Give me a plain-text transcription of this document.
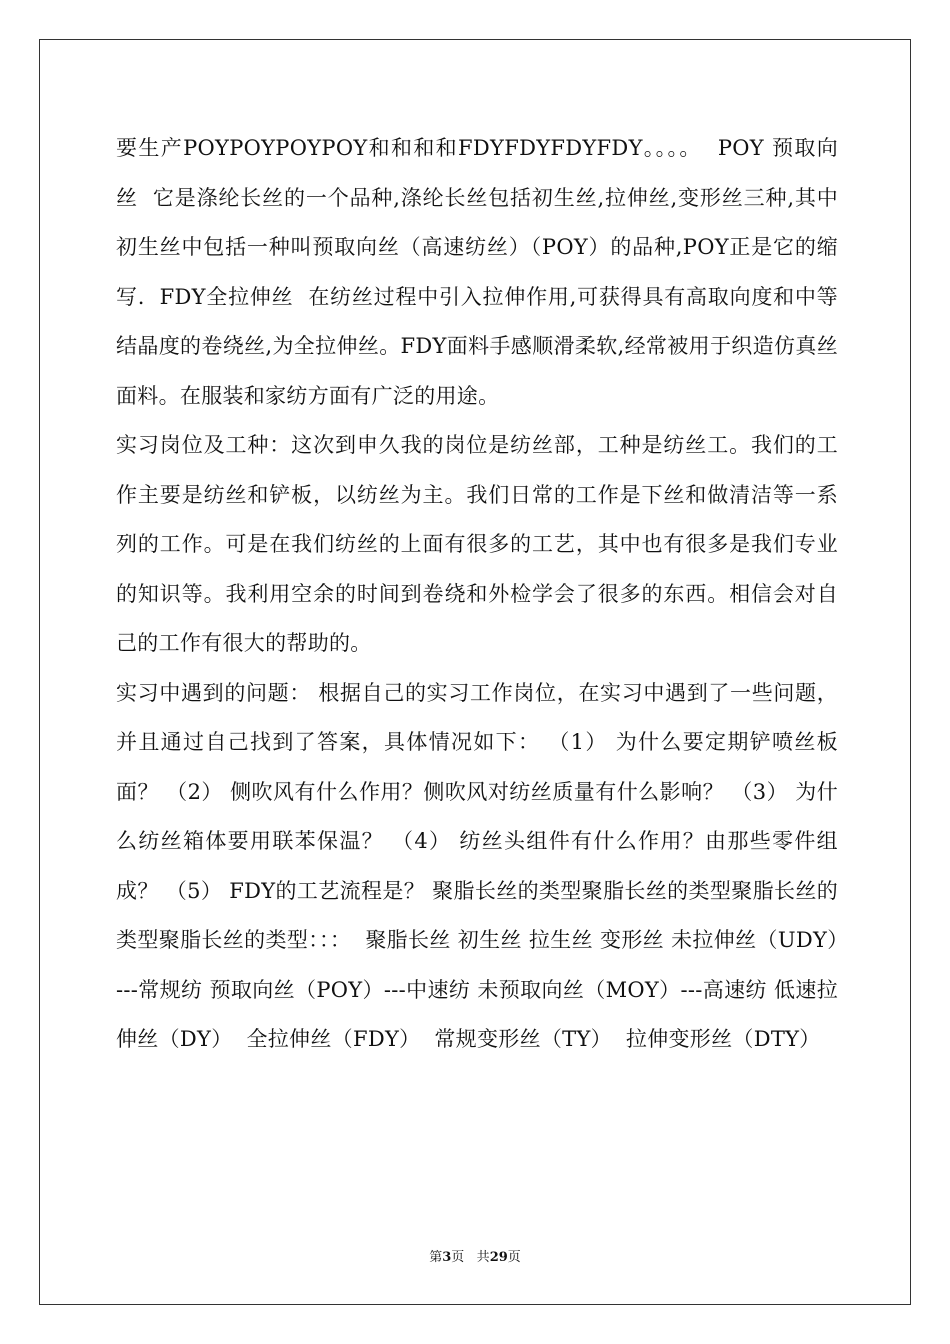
要生产POYPOYPOYPOY和和和和FDYFDYFDYFDY。。。。  POY 预取向丝  它是涤纶长丝的一个品种,涤纶长丝包括初生丝,拉伸丝,变形丝三种,其中初生丝中包括一种叫预取向丝（高速纺丝）（POY）的品种,POY正是它的缩写.  FDY全拉伸丝  在纺丝过程中引入拉伸作用,可获得具有高取向度和中等结晶度的卷绕丝,为全拉伸丝。FDY面料手感顺滑柔软,经常被用于织造仿真丝面料。在服装和家纺方面有广泛的用途。

实习岗位及工种：这次到申久我的岗位是纺丝部，工种是纺丝工。我们的工作主要是纺丝和铲板，以纺丝为主。我们日常的工作是下丝和做清洁等一系列的工作。可是在我们纺丝的上面有很多的工艺，其中也有很多是我们专业的知识等。我利用空余的时间到卷绕和外检学会了很多的东西。相信会对自己的工作有很大的帮助的。

实习中遇到的问题： 根据自己的实习工作岗位，在实习中遇到了一些问题，并且通过自己找到了答案，具体情况如下： （1） 为什么要定期铲喷丝板面？ （2） 侧吹风有什么作用？侧吹风对纺丝质量有什么影响？ （3） 为什么纺丝箱体要用联苯保温？ （4） 纺丝头组件有什么作用？由那些零件组成？ （5） FDY的工艺流程是？ 聚脂长丝的类型聚脂长丝的类型聚脂长丝的类型聚脂长丝的类型：：：  聚脂长丝 初生丝 拉生丝 变形丝 未拉伸丝（UDY）---常规纺 预取向丝（POY）---中速纺 未预取向丝（MOY）---高速纺 低速拉伸丝（DY）  全拉伸丝（FDY）  常规变形丝（TY）  拉伸变形丝（DTY）

第3页 共29页
